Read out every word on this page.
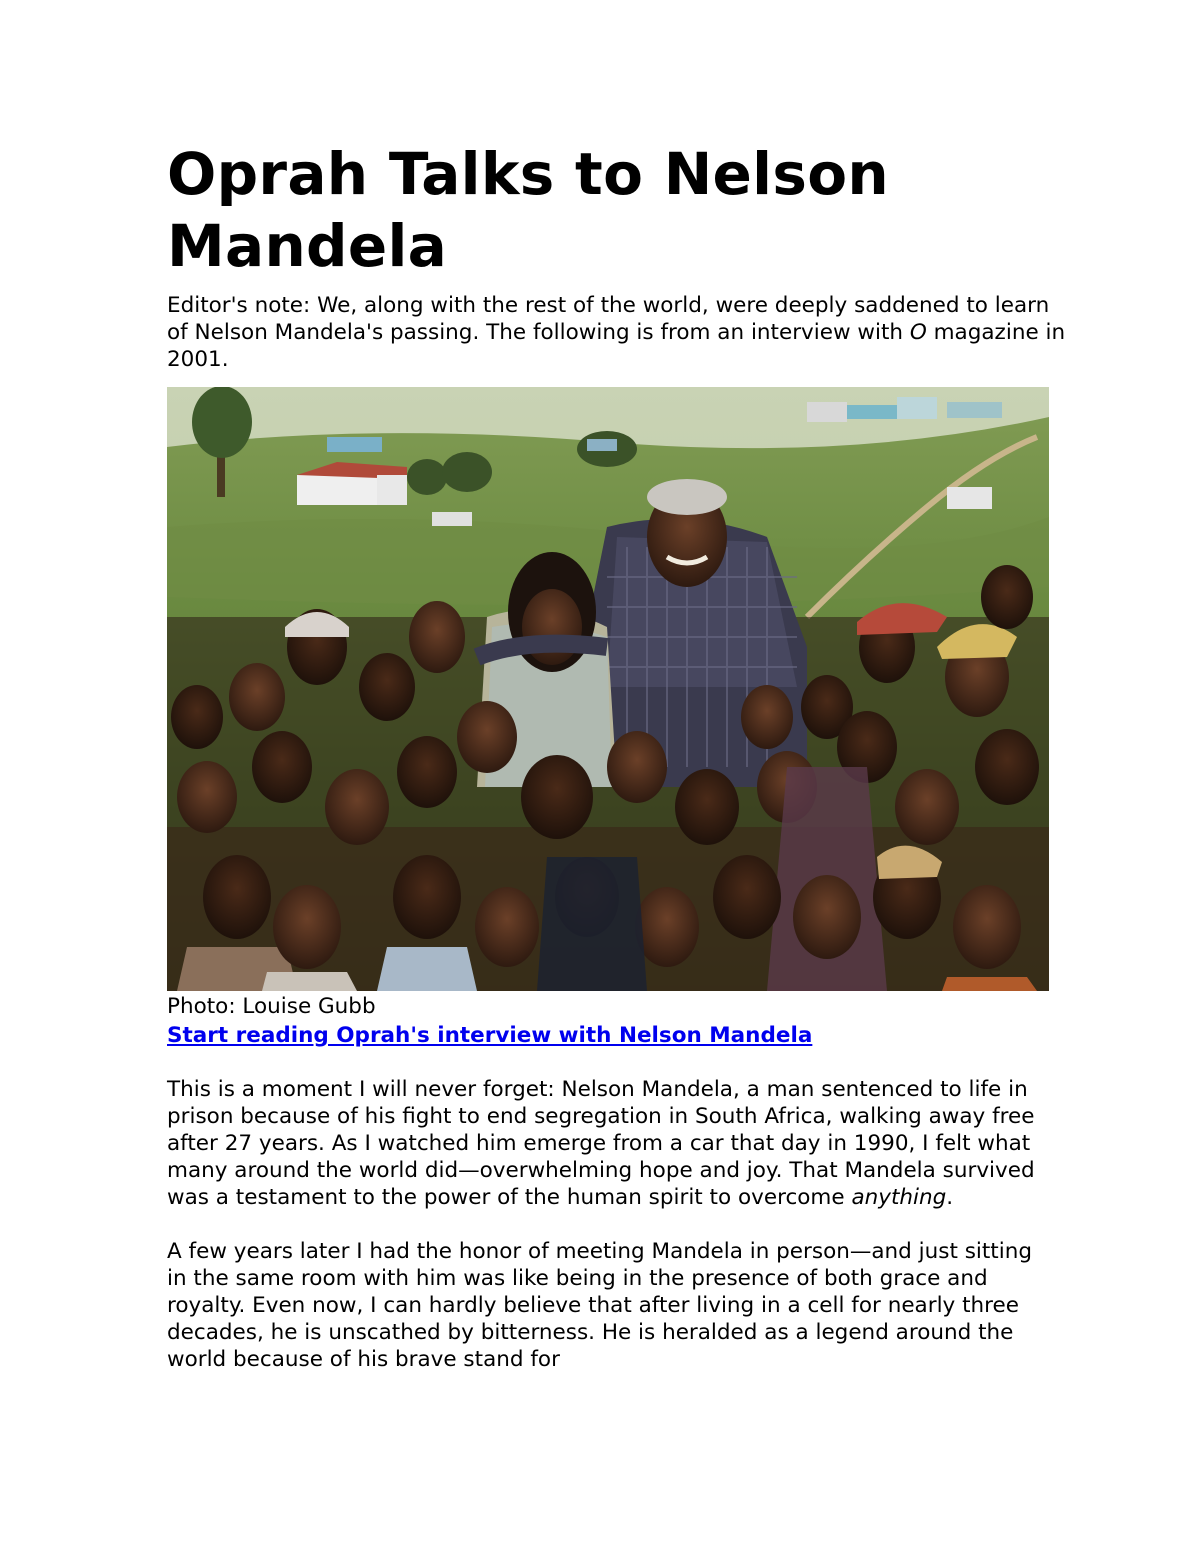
Oprah Talks to Nelson
Mandela

Editor's note: We, along with the rest of the world, were deeply saddened to learn of Nelson Mandela's passing. The following is from an interview with O magazine in 2001.

Photo: Louise Gubb

Start reading Oprah's interview with Nelson Mandela

This is a moment I will never forget: Nelson Mandela, a man sentenced to life in prison because of his fight to end segregation in South Africa, walking away free after 27 years. As I watched him emerge from a car that day in 1990, I felt what many around the world did—overwhelming hope and joy. That Mandela survived was a testament to the power of the human spirit to overcome anything.

A few years later I had the honor of meeting Mandela in person—and just sitting in the same room with him was like being in the presence of both grace and royalty. Even now, I can hardly believe that after living in a cell for nearly three decades, he is unscathed by bitterness. He is heralded as a legend around the world because of his brave stand for
